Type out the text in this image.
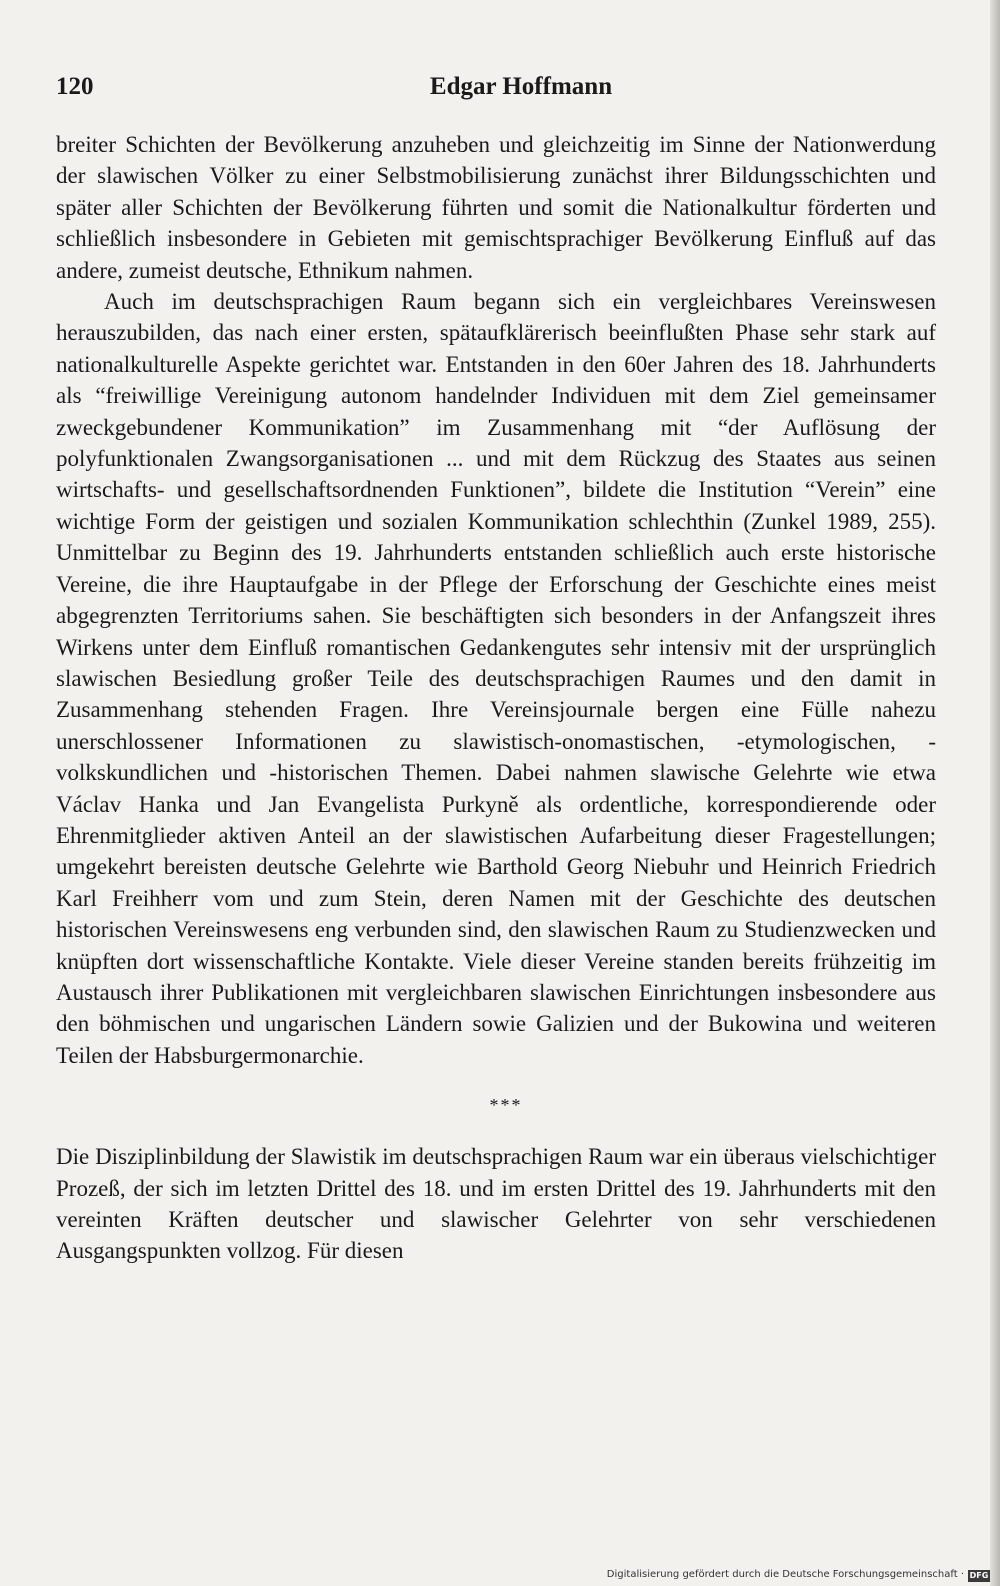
120	Edgar Hoffmann

breiter Schichten der Bevölkerung anzuheben und gleichzeitig im Sinne der Nationwerdung der slawischen Völker zu einer Selbstmobilisierung zunächst ihrer Bildungsschichten und später aller Schichten der Bevölkerung führten und somit die Nationalkultur förderten und schließlich insbesondere in Gebieten mit gemischtsprachiger Bevölkerung Einfluß auf das andere, zumeist deutsche, Ethnikum nahmen.

Auch im deutschsprachigen Raum begann sich ein vergleichbares Vereinswesen herauszubilden, das nach einer ersten, spätaufklärerisch beeinflußten Phase sehr stark auf nationalkulturelle Aspekte gerichtet war. Entstanden in den 60er Jahren des 18. Jahrhunderts als “freiwillige Vereinigung autonom handelnder Individuen mit dem Ziel gemeinsamer zweckgebundener Kommunikation” im Zusammenhang mit “der Auflösung der polyfunktionalen Zwangsorganisationen ... und mit dem Rückzug des Staates aus seinen wirtschafts- und gesellschaftsordnenden Funktionen”, bildete die Institution “Verein” eine wichtige Form der geistigen und sozialen Kommunikation schlechthin (Zunkel 1989, 255). Unmittelbar zu Beginn des 19. Jahrhunderts entstanden schließlich auch erste historische Vereine, die ihre Hauptaufgabe in der Pflege der Erforschung der Geschichte eines meist abgegrenzten Territoriums sahen. Sie beschäftigten sich besonders in der Anfangszeit ihres Wirkens unter dem Einfluß romantischen Gedankengutes sehr intensiv mit der ursprünglich slawischen Besiedlung großer Teile des deutschsprachigen Raumes und den damit in Zusammenhang stehenden Fragen. Ihre Vereinsjournale bergen eine Fülle nahezu unerschlossener Informationen zu slawistisch-onomastischen, -etymologischen, -volkskundlichen und -historischen Themen. Dabei nahmen slawische Gelehrte wie etwa Václav Hanka und Jan Evangelista Purkyně als ordentliche, korrespondierende oder Ehrenmitglieder aktiven Anteil an der slawistischen Aufarbeitung dieser Fragestellungen; umgekehrt bereisten deutsche Gelehrte wie Barthold Georg Niebuhr und Heinrich Friedrich Karl Freihherr vom und zum Stein, deren Namen mit der Geschichte des deutschen historischen Vereinswesens eng verbunden sind, den slawischen Raum zu Studienzwecken und knüpften dort wissenschaftliche Kontakte. Viele dieser Vereine standen bereits frühzeitig im Austausch ihrer Publikationen mit vergleichbaren slawischen Einrichtungen insbesondere aus den böhmischen und ungarischen Ländern sowie Galizien und der Bukowina und weiteren Teilen der Habsburgermonarchie.

***

Die Disziplinbildung der Slawistik im deutschsprachigen Raum war ein überaus vielschichtiger Prozeß, der sich im letzten Drittel des 18. und im ersten Drittel des 19. Jahrhunderts mit den vereinten Kräften deutscher und slawischer Gelehrter von sehr verschiedenen Ausgangspunkten vollzog. Für diesen

Digitalisierung gefördert durch die Deutsche Forschungsgemeinschaft · DFG
